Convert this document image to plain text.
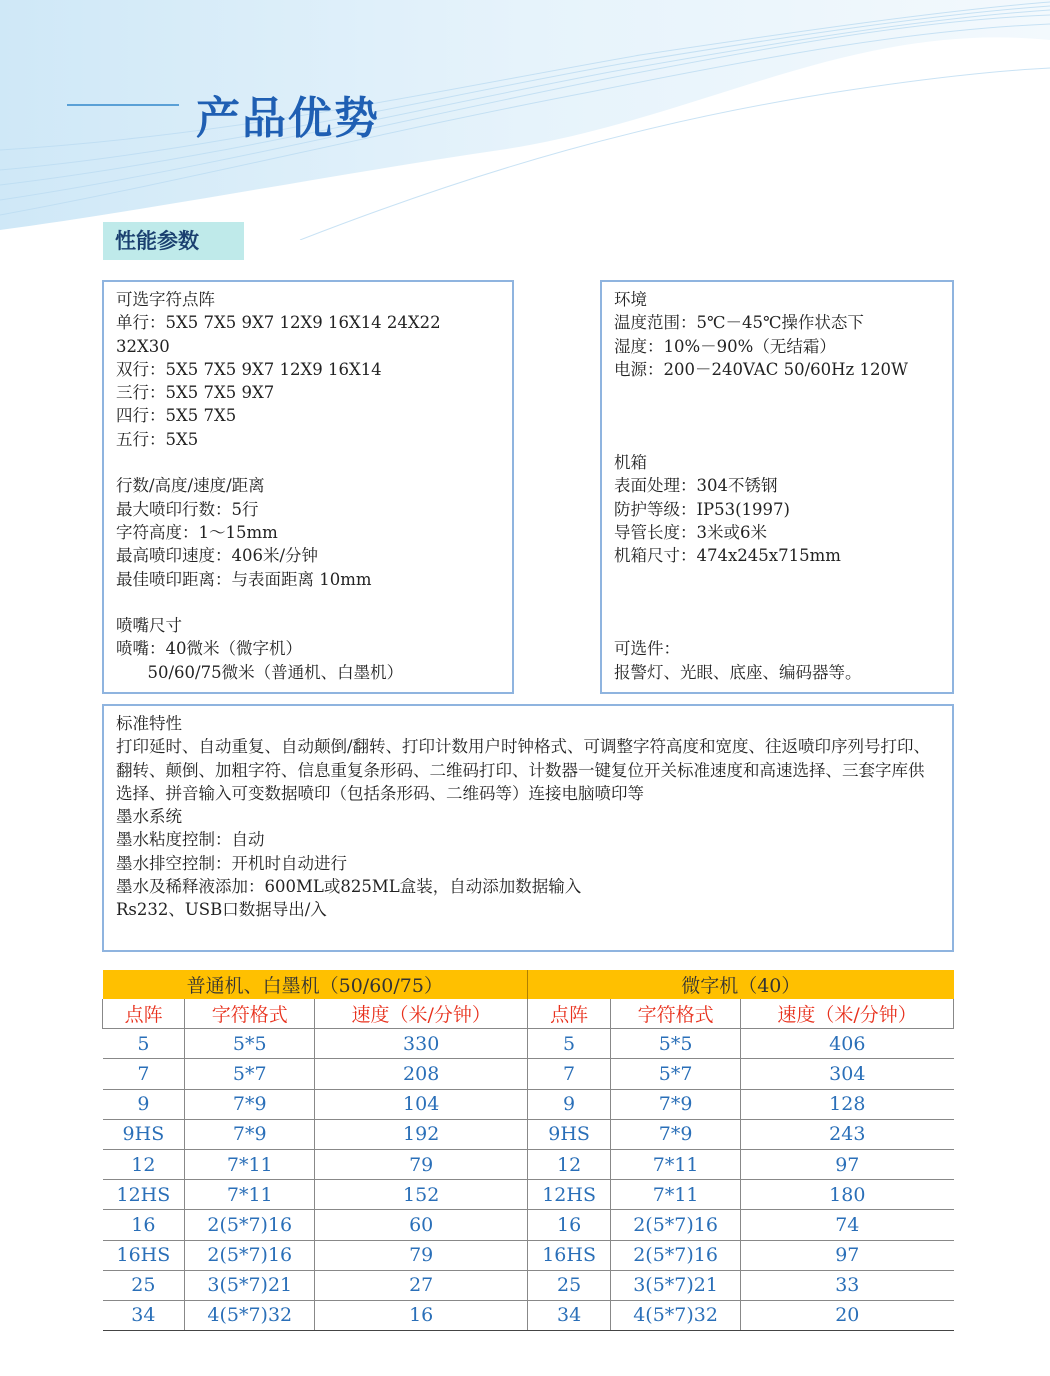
产品优势
性能参数
可选字符点阵
单行：5X5 7X5 9X7 12X9 16X14 24X22
32X30
双行：5X5 7X5 9X7 12X9 16X14
三行：5X5 7X5 9X7
四行：5X5 7X5
五行：5X5

行数/高度/速度/距离
最大喷印行数：5行
字符高度：1～15mm
最高喷印速度：406米/分钟
最佳喷印距离：与表面距离 10mm

喷嘴尺寸
喷嘴：40微米（微字机）
50/60/75微米（普通机、白墨机）
环境
温度范围：5℃－45℃操作状态下
湿度：10%－90%（无结霜）
电源：200－240VAC 50/60Hz 120W

机箱
表面处理：304不锈钢
防护等级：IP53(1997)
导管长度：3米或6米
机箱尺寸：474x245x715mm

可选件：
报警灯、光眼、底座、编码器等。
标准特性
打印延时、自动重复、自动颠倒/翻转、打印计数用户时钟格式、可调整字符高度和宽度、往返喷印序列号打印、翻转、颠倒、加粗字符、信息重复条形码、二维码打印、计数器一键复位开关标准速度和高速选择、三套字库供选择、拼音输入可变数据喷印（包括条形码、二维码等）连接电脑喷印等
墨水系统
墨水粘度控制：自动
墨水排空控制：开机时自动进行
墨水及稀释液添加：600ML或825ML盒装，自动添加数据输入
Rs232、USB口数据导出/入
普通机、白墨机（50/60/75）			微字机（40）		
点阵	字符格式	速度（米/分钟）	点阵	字符格式	速度（米/分钟）
5	5*5	330	5	5*5	406
7	5*7	208	7	5*7	304
9	7*9	104	9	7*9	128
9HS	7*9	192	9HS	7*9	243
12	7*11	79	12	7*11	97
12HS	7*11	152	12HS	7*11	180
16	2(5*7)16	60	16	2(5*7)16	74
16HS	2(5*7)16	79	16HS	2(5*7)16	97
25	3(5*7)21	27	25	3(5*7)21	33
34	4(5*7)32	16	34	4(5*7)32	20
